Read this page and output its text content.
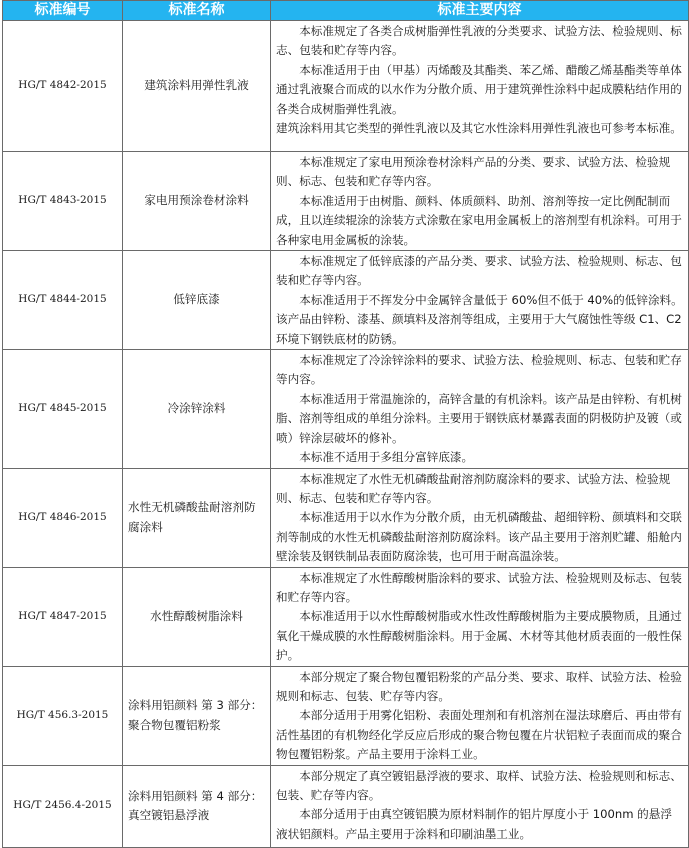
标准编号	标准名称	标准主要内容
HG/T 4842-2015	建筑涂料用弹性乳液	本标准规定了各类合成树脂弹性乳液的分类要求、试验方法、检验规则、标志、包装和贮存等内容。

本标准适用于由（甲基）丙烯酸及其酯类、苯乙烯、醋酸乙烯基酯类等单体通过乳液聚合而成的以水作为分散介质、用于建筑弹性涂料中起成膜粘结作用的各类合成树脂弹性乳液。

建筑涂料用其它类型的弹性乳液以及其它水性涂料用弹性乳液也可参考本标准。

HG/T 4843-2015	家电用预涂卷材涂料	本标准规定了家电用预涂卷材涂料产品的分类、要求、试验方法、检验规则、标志、包装和贮存等内容。

本标准适用于由树脂、颜料、体质颜料、助剂、溶剂等按一定比例配制而成，且以连续辊涂的涂装方式涂敷在家电用金属板上的溶剂型有机涂料。可用于各种家电用金属板的涂装。

HG/T 4844-2015	低锌底漆	本标准规定了低锌底漆的产品分类、要求、试验方法、检验规则、标志、包装和贮存等内容。

本标准适用于不挥发分中金属锌含量低于 60%但不低于 40%的低锌涂料。该产品由锌粉、漆基、颜填料及溶剂等组成，主要用于大气腐蚀性等级 C1、C2 环境下钢铁底材的防锈。

HG/T 4845-2015	冷涂锌涂料	本标准规定了冷涂锌涂料的要求、试验方法、检验规则、标志、包装和贮存等内容。

本标准适用于常温施涂的，高锌含量的有机涂料。该产品是由锌粉、有机树脂、溶剂等组成的单组分涂料。主要用于钢铁底材暴露表面的阴极防护及镀（或喷）锌涂层破坏的修补。

本标准不适用于多组分富锌底漆。

HG/T 4846-2015	水性无机磷酸盐耐溶剂防腐涂料	本标准规定了水性无机磷酸盐耐溶剂防腐涂料的要求、试验方法、检验规则、标志、包装和贮存等内容。

本标准适用于以水作为分散介质，由无机磷酸盐、超细锌粉、颜填料和交联剂等制成的水性无机磷酸盐耐溶剂防腐涂料。该产品主要用于溶剂贮罐、船舱内壁涂装及钢铁制品表面防腐涂装，也可用于耐高温涂装。

HG/T 4847-2015	水性醇酸树脂涂料	本标准规定了水性醇酸树脂涂料的要求、试验方法、检验规则及标志、包装和贮存等内容。

本标准适用于以水性醇酸树脂或水性改性醇酸树脂为主要成膜物质，且通过氧化干燥成膜的水性醇酸树脂涂料。用于金属、木材等其他材质表面的一般性保护。

HG/T 456.3-2015	涂料用铝颜料 第 3 部分：聚合物包覆铝粉浆	本部分规定了聚合物包覆铝粉浆的产品分类、要求、取样、试验方法、检验规则和标志、包装、贮存等内容。

本部分适用于用雾化铝粉、表面处理剂和有机溶剂在湿法球磨后、再由带有活性基团的有机物经化学反应后形成的聚合物包覆在片状铝粒子表面而成的聚合物包覆铝粉浆。产品主要用于涂料工业。

HG/T 2456.4-2015	涂料用铝颜料 第 4 部分：真空镀铝悬浮液	本部分规定了真空镀铝悬浮液的要求、取样、试验方法、检验规则和标志、包装、贮存等内容。

本部分适用于由真空镀铝膜为原材料制作的铝片厚度小于 100nm 的悬浮液状铝颜料。产品主要用于涂料和印刷油墨工业。
